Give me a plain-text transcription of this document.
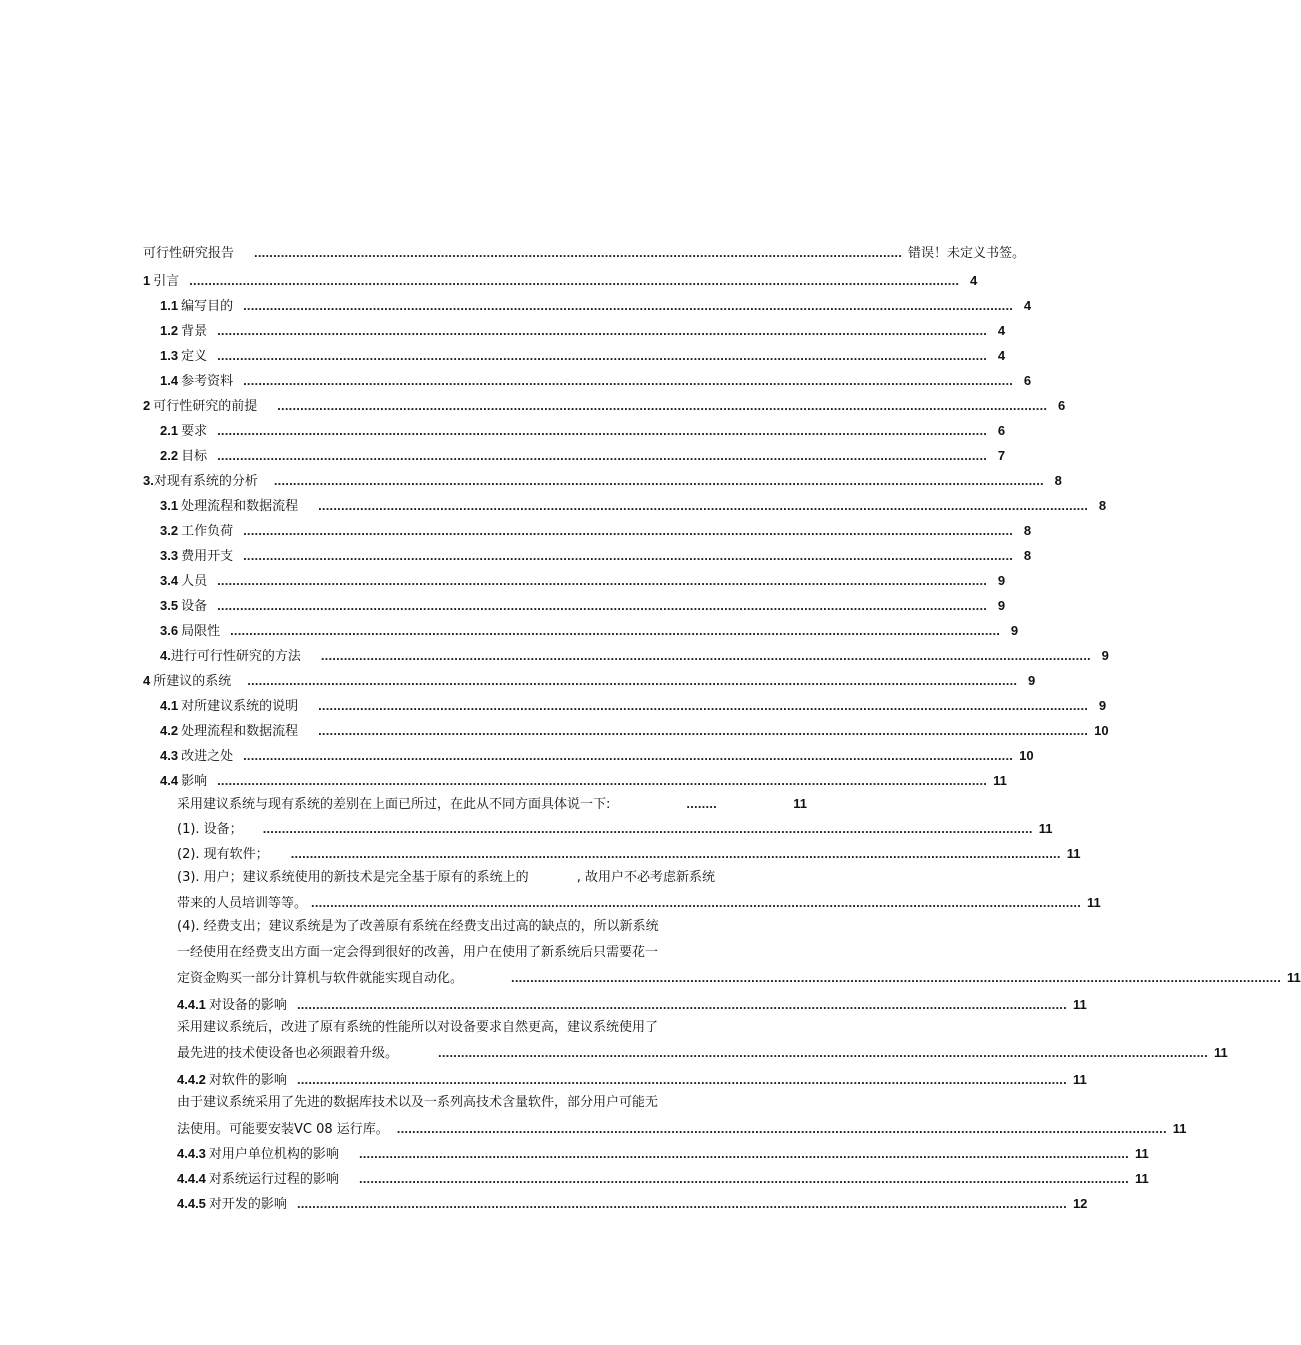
可行性研究报告 .......................................................................................................................................................................... 错误！未定义书签。
1 引言 .......................................................................................................................................................................................................... 4
1.1 编写目的 .......................................................................................................................................................................................................... 4
1.2 背景 .......................................................................................................................................................................................................... 4
1.3 定义 .......................................................................................................................................................................................................... 4
1.4 参考资料 .......................................................................................................................................................................................................... 6
2 可行性研究的前提 .......................................................................................................................................................................................................... 6
2.1 要求 .......................................................................................................................................................................................................... 6
2.2 目标 .......................................................................................................................................................................................................... 7
3. 对现有系统的分析 .......................................................................................................................................................................................................... 8
3.1 处理流程和数据流程 .......................................................................................................................................................................................................... 8
3.2 工作负荷 .......................................................................................................................................................................................................... 8
3.3 费用开支 .......................................................................................................................................................................................................... 8
3.4 人员 .......................................................................................................................................................................................................... 9
3.5 设备 .......................................................................................................................................................................................................... 9
3.6 局限性 .......................................................................................................................................................................................................... 9
4. 进行可行性研究的方法 .......................................................................................................................................................................................................... 9
4 所建议的系统 .......................................................................................................................................................................................................... 9
4.1 对所建议系统的说明 .......................................................................................................................................................................................................... 9
4.2 处理流程和数据流程 .......................................................................................................................................................................................................... 10
4.3 改进之处 .......................................................................................................................................................................................................... 10
4.4 影响 .......................................................................................................................................................................................................... 11
采用建议系统与现有系统的差别在上面已所过，在此从不同方面具体说一下:	........	11
(1). 设备； .......................................................................................................................................................................................................... 11
(2). 现有软件； .......................................................................................................................................................................................................... 11
(3). 用户；建议系统使用的新技术是完全基于原有的系统上的	, 故用户不必考虑新系统
带来的人员培训等等。 .......................................................................................................................................................................................................... 11
(4). 经费支出；建议系统是为了改善原有系统在经费支出过高的缺点的，所以新系统
一经使用在经费支出方面一定会得到很好的改善，用户在使用了新系统后只需要花一
定资金购买一部分计算机与软件就能实现自动化。	.......................................................................................................................................................................................................... 11
4.4.1 对设备的影响 .......................................................................................................................................................................................................... 11
采用建议系统后，改进了原有系统的性能所以对设备要求自然更高，建议系统使用了
最先进的技术使设备也必须跟着升级。	.......................................................................................................................................................................................................... 11
4.4.2 对软件的影响 .......................................................................................................................................................................................................... 11
由于建议系统采用了先进的数据库技术以及一系列高技术含量软件，部分用户可能无
法使用。可能要安装 VC 08 运行库。 .......................................................................................................................................................................................................... 11
4.4.3 对用户单位机构的影响 .......................................................................................................................................................................................................... 11
4.4.4 对系统运行过程的影响 .......................................................................................................................................................................................................... 11
4.4.5 对开发的影响 .......................................................................................................................................................................................................... 12
